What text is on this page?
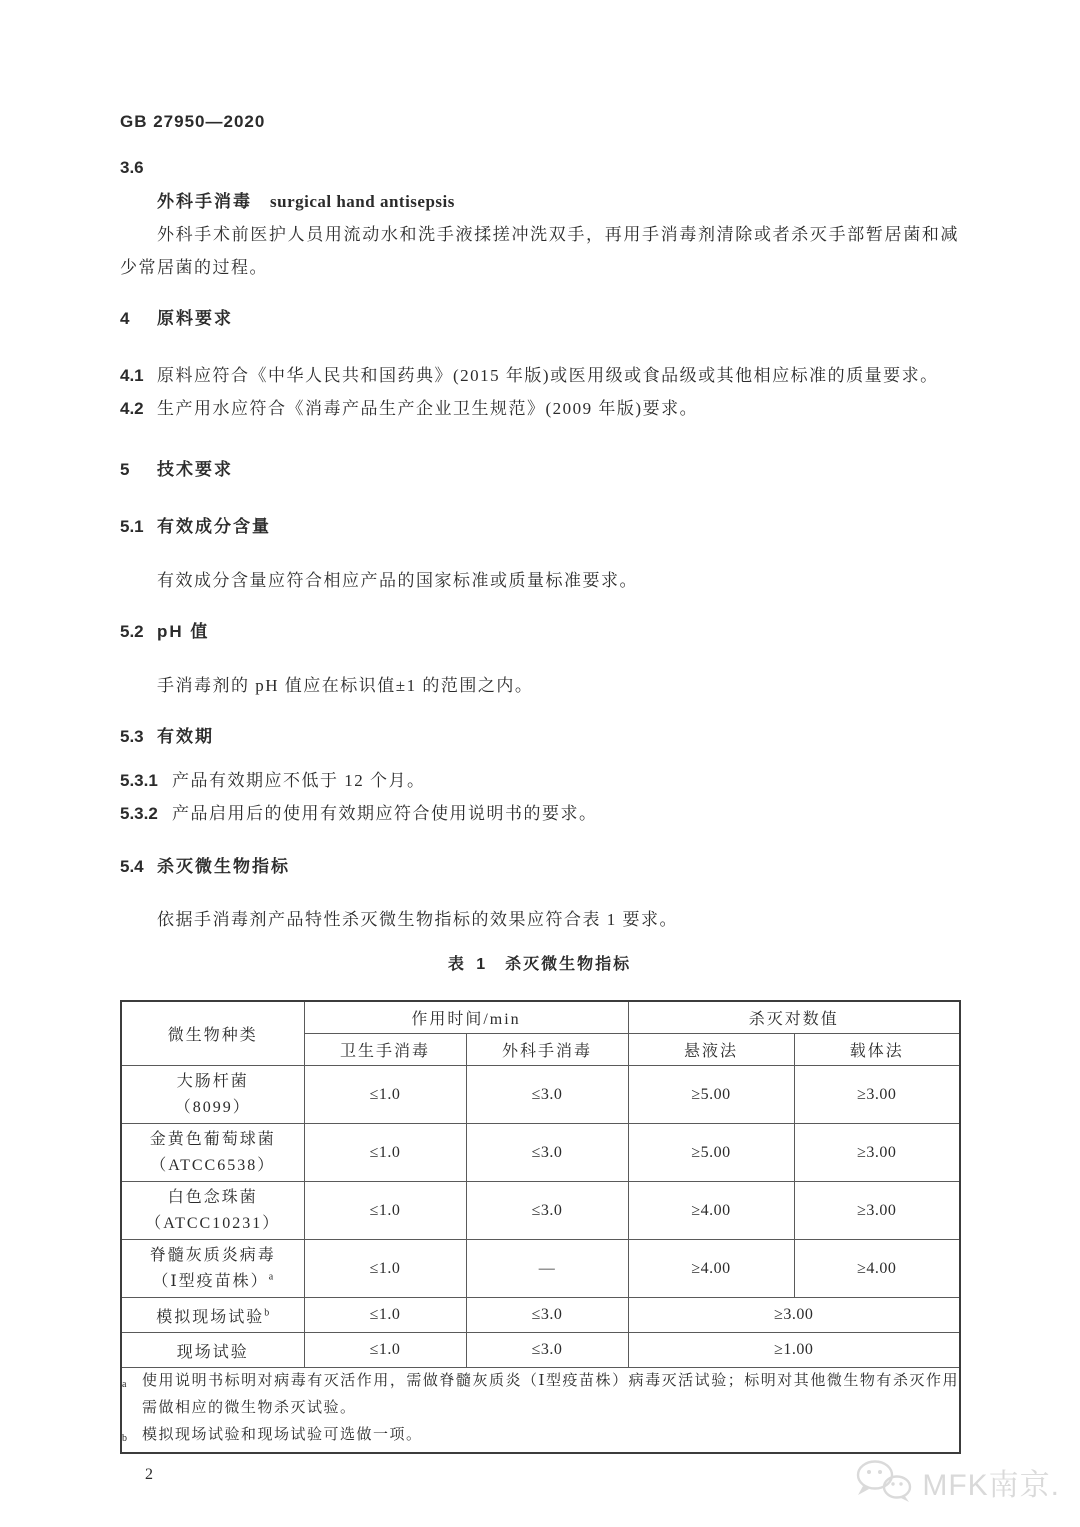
GB 27950—2020
3.6
外科手消毒 surgical hand antisepsis

外科手术前医护人员用流动水和洗手液揉搓冲洗双手，再用手消毒剂清除或者杀灭手部暂居菌和减少常居菌的过程。

4 原料要求

4.1 原料应符合《中华人民共和国药典》(2015 年版)或医用级或食品级或其他相应标准的质量要求。

4.2 生产用水应符合《消毒产品生产企业卫生规范》(2009 年版)要求。

5 技术要求
5.1 有效成分含量

有效成分含量应符合相应产品的国家标准或质量标准要求。

5.2 pH 值

手消毒剂的 pH 值应在标识值±1 的范围之内。

5.3 有效期

5.3.1 产品有效期应不低于 12 个月。

5.3.2 产品启用后的使用有效期应符合使用说明书的要求。

5.4 杀灭微生物指标

依据手消毒剂产品特性杀灭微生物指标的效果应符合表 1 要求。

表 1 杀灭微生物指标
微生物种类	作用时间/min		杀灭对数值	
	卫生手消毒	外科手消毒	悬液法	载体法

大肠杆菌
（8099）	≤1.0	≤3.0	≥5.00	≥3.00

金黄色葡萄球菌
（ATCC6538）	≤1.0	≤3.0	≥5.00	≥3.00

白色念珠菌
（ATCC10231）	≤1.0	≤3.0	≥4.00	≥3.00

脊髓灰质炎病毒
（Ⅰ型疫苗株）$^a$	≤1.0	—	≥4.00	≥4.00
模拟现场试验$^b$	≤1.0	≤3.0	≥3.00	
现场试验	≤1.0	≤3.0	≥1.00	

a 使用说明书标明对病毒有灭活作用，需做脊髓灰质炎（Ⅰ型疫苗株）病毒灭活试验；标明对其他微生物有杀灭作用需做相应的微生物杀灭试验。
b 模拟现场试验和现场试验可选做一项。				
2	MFK南京.
